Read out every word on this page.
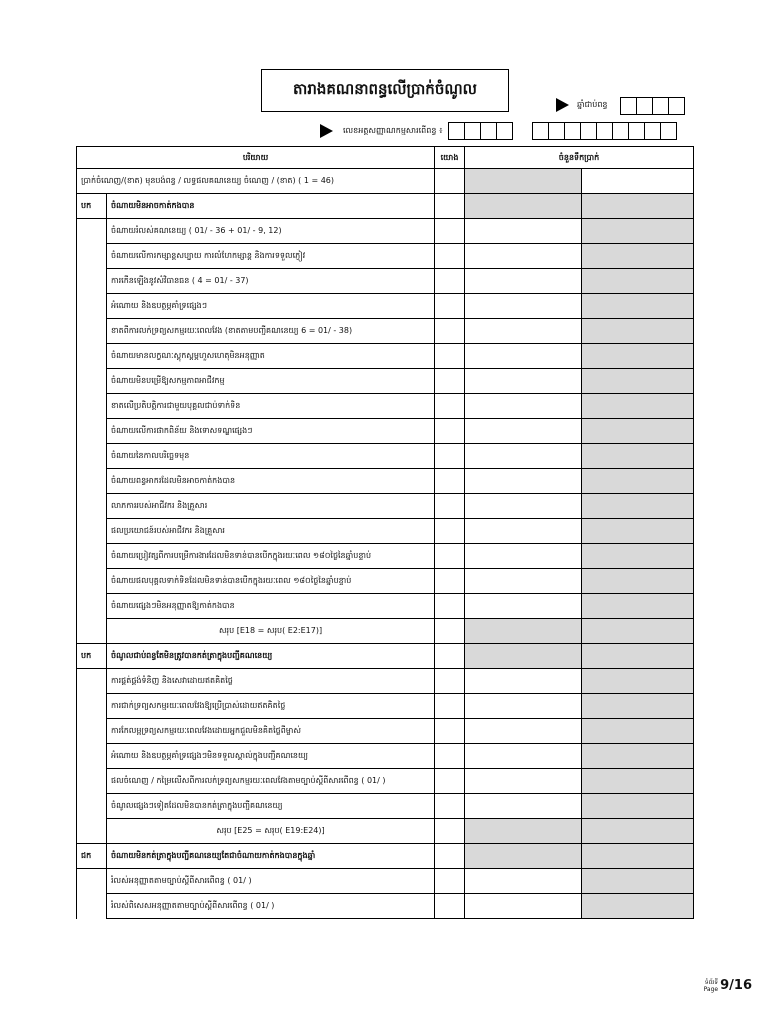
តារាងគណនាពន្ធលើប្រាក់ចំណូល
ឆ្នាំជាប់ពន្ធ
លេខអត្តសញ្ញាណកម្មសារពើពន្ធ ៖
បរិយាយ		យោង	ចំនួនទឹកប្រាក់	
ប្រាក់ចំណេញ/(ខាត) មុនបង់ពន្ធ / លទ្ធផលគណនេយ្យ ចំណេញ / (ខាត) ( 1 = 46)				
បក	ចំណាយមិនអាចកាត់កងបាន			
	ចំណាយរំលស់គណនេយ្យ ( 01/ - 36 + 01/ - 9, 12)			
	ចំណាយលើការកម្សាន្តសប្បាយ ការលំហែកម្សាន្ត និងការទទួលភ្ញៀវ			
	ការកើនឡើងនូវសំវិធានធន ( 4 = 01/ - 37)			
	អំណោយ និងឧបត្ថម្ភគាំទ្រផ្សេងៗ			
	ខាតពីការលក់ទ្រព្យសកម្មរយៈពេលវែង (ខាតតាមបញ្ជីគណនេយ្យ 6 = 01/ - 38)			
	ចំណាយមានលក្ខណៈស្ដុកស្ដម្ភហួសហេតុមិនអនុញ្ញាត			
	ចំណាយមិនបម្រើឱ្យសកម្មភាពអាជីវកម្ម			
	ខាតលើប្រតិបត្តិការជាមួយបុគ្គលជាប់ទាក់ទិន			
	ចំណាយលើការផាកពិន័យ និងទោសទណ្ឌផ្សេងៗ			
	ចំណាយនៃកាលបរិច្ឆេទមុន			
	ចំណាយពន្ធអាករដែលមិនអាចកាត់កងបាន			
	លាភការរបស់អាជីវករ និងគ្រួសារ			
	ផលប្រយោជន៍របស់អាជីវករ និងគ្រួសារ			
	ចំណាយប្រៀវត្សពីការបម្រើការងារដែលមិនទាន់បានបើកក្នុងរយៈពេល ១៨០ថ្ងៃនៃឆ្នាំបន្ទាប់			
	ចំណាយផលបុគ្គលទាក់ទិនដែលមិនទាន់បានបើកក្នុងរយៈពេល ១៨០ថ្ងៃនៃឆ្នាំបន្ទាប់			
	ចំណាយផ្សេងៗមិនអនុញ្ញាតឱ្យកាត់កងបាន			
	សរុប [E18 = សរុប( E2:E17)]			
បក	ចំណូលជាប់ពន្ធតែមិនត្រូវបានកត់ត្រាក្នុងបញ្ជីគណនេយ្យ			
	ការផ្គត់ផ្គង់ទំនិញ និងសេវាដោយឥតគិតថ្លៃ			
	ការជាក់ទ្រព្យសកម្មរយៈពេលវែងឱ្យប្រើប្រាស់ដោយឥតគិតថ្លៃ			
	ការកែលម្អទ្រព្យសកម្មរយៈពេលវែងដោយអ្នកជួលមិនគិតថ្លៃពីម្ចាស់			
	អំណោយ និងឧបត្ថម្ភគាំទ្រផ្សេងៗមិនទទួលស្គាល់ក្នុងបញ្ជីគណនេយ្យ			
	ផលចំណេញ / កម្រៃលើសពីការលក់ទ្រព្យសកម្មរយៈពេលវែងតាមច្បាប់ស្ដីពីសារពើពន្ធ ( 01/ )			
	ចំណូលផ្សេងៗទៀតដែលមិនបានកត់ត្រាក្នុងបញ្ជីគណនេយ្យ			
	សរុប [E25 = សរុប( E19:E24)]			
ជក	ចំណាយមិនកត់ត្រាក្នុងបញ្ជីគណនេយ្យតែជាចំណាយកាត់កងបានក្នុងឆ្នាំ			
	រំលស់អនុញ្ញាតតាមច្បាប់ស្ដីពីសារពើពន្ធ ( 01/ )			
	រំលស់ពិសេសអនុញ្ញាតតាមច្បាប់ស្ដីពីសារពើពន្ធ ( 01/ )			
ទំព័រទី
Page 9/16
